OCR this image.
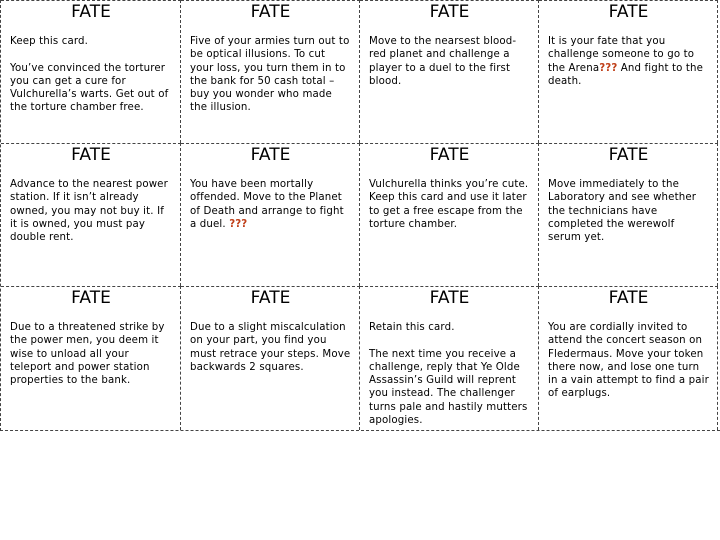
FATE

Keep this card.

You’ve convinced the torturer you can get a cure for Vulchurella’s warts. Get out of the torture chamber free.

FATE

Five of your armies turn out to be optical illusions. To cut your loss, you turn them in to the bank for 50 cash total – buy you wonder who made the illusion.

FATE

Move to the nearsest blood-red planet and challenge a player to a duel to the first blood.

FATE

It is your fate that you challenge someone to go to the Arena??? And fight to the death.

FATE

Advance to the nearest power station. If it isn’t already owned, you may not buy it. If it is owned, you must pay double rent.

FATE

You have been mortally offended. Move to the Planet of Death and arrange to fight a duel. ???

FATE

Vulchurella thinks you’re cute. Keep this card and use it later to get a free escape from the torture chamber.

FATE

Move immediately to the Laboratory and see whether the technicians have completed the werewolf serum yet.

FATE

Due to a threatened strike by the power men, you deem it wise to unload all your teleport and power station properties to the bank.

FATE

Due to a slight miscalculation on your part, you find you must retrace your steps. Move backwards 2 squares.

FATE

Retain this card.

The next time you receive a challenge, reply that Ye Olde Assassin’s Guild will reprent you instead. The challenger turns pale and hastily mutters apologies.

FATE

You are cordially invited to attend the concert season on Fledermaus. Move your token there now, and lose one turn in a vain attempt to find a pair of earplugs.
